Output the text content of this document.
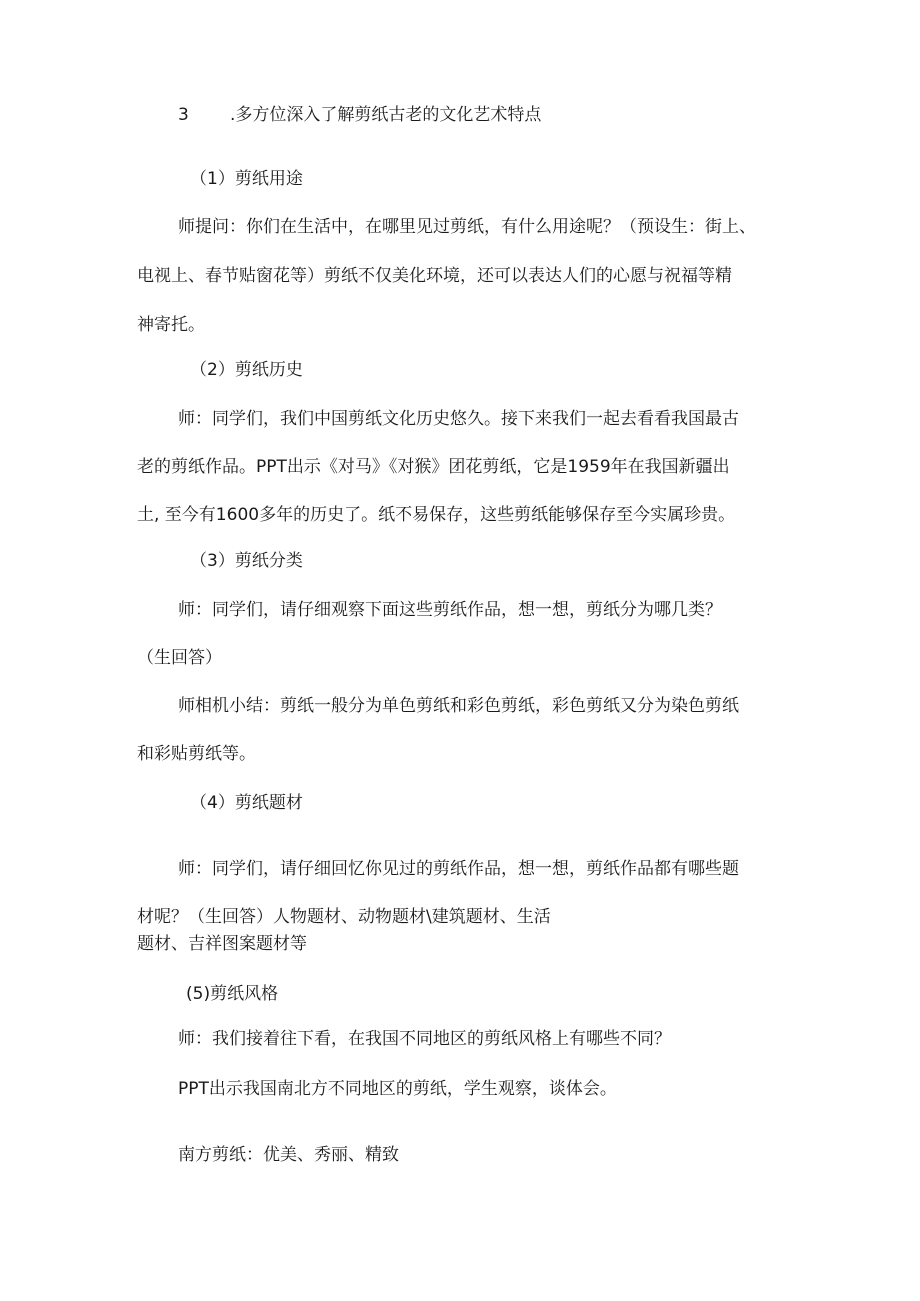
3 .多方位深入了解剪纸古老的文化艺术特点
（1）剪纸用途
师提问：你们在生活中，在哪里见过剪纸，有什么用途呢？（预设生：街上、
电视上、春节贴窗花等）剪纸不仅美化环境，还可以表达人们的心愿与祝福等精
神寄托。
（2）剪纸历史
师：同学们，我们中国剪纸文化历史悠久。接下来我们一起去看看我国最古
老的剪纸作品。PPT出示《对马》《对猴》团花剪纸，它是1959年在我国新疆出
土, 至今有1600多年的历史了。纸不易保存，这些剪纸能够保存至今实属珍贵。
（3）剪纸分类
师：同学们，请仔细观察下面这些剪纸作品，想一想，剪纸分为哪几类？
（生回答）
师相机小结：剪纸一般分为单色剪纸和彩色剪纸，彩色剪纸又分为染色剪纸
和彩贴剪纸等。
（4）剪纸题材
师：同学们，请仔细回忆你见过的剪纸作品，想一想，剪纸作品都有哪些题
材呢？（生回答）人物题材、动物题材\建筑题材、生活
题材、吉祥图案题材等
(5)剪纸风格
师：我们接着往下看，在我国不同地区的剪纸风格上有哪些不同？
PPT出示我国南北方不同地区的剪纸，学生观察，谈体会。
南方剪纸：优美、秀丽、精致
